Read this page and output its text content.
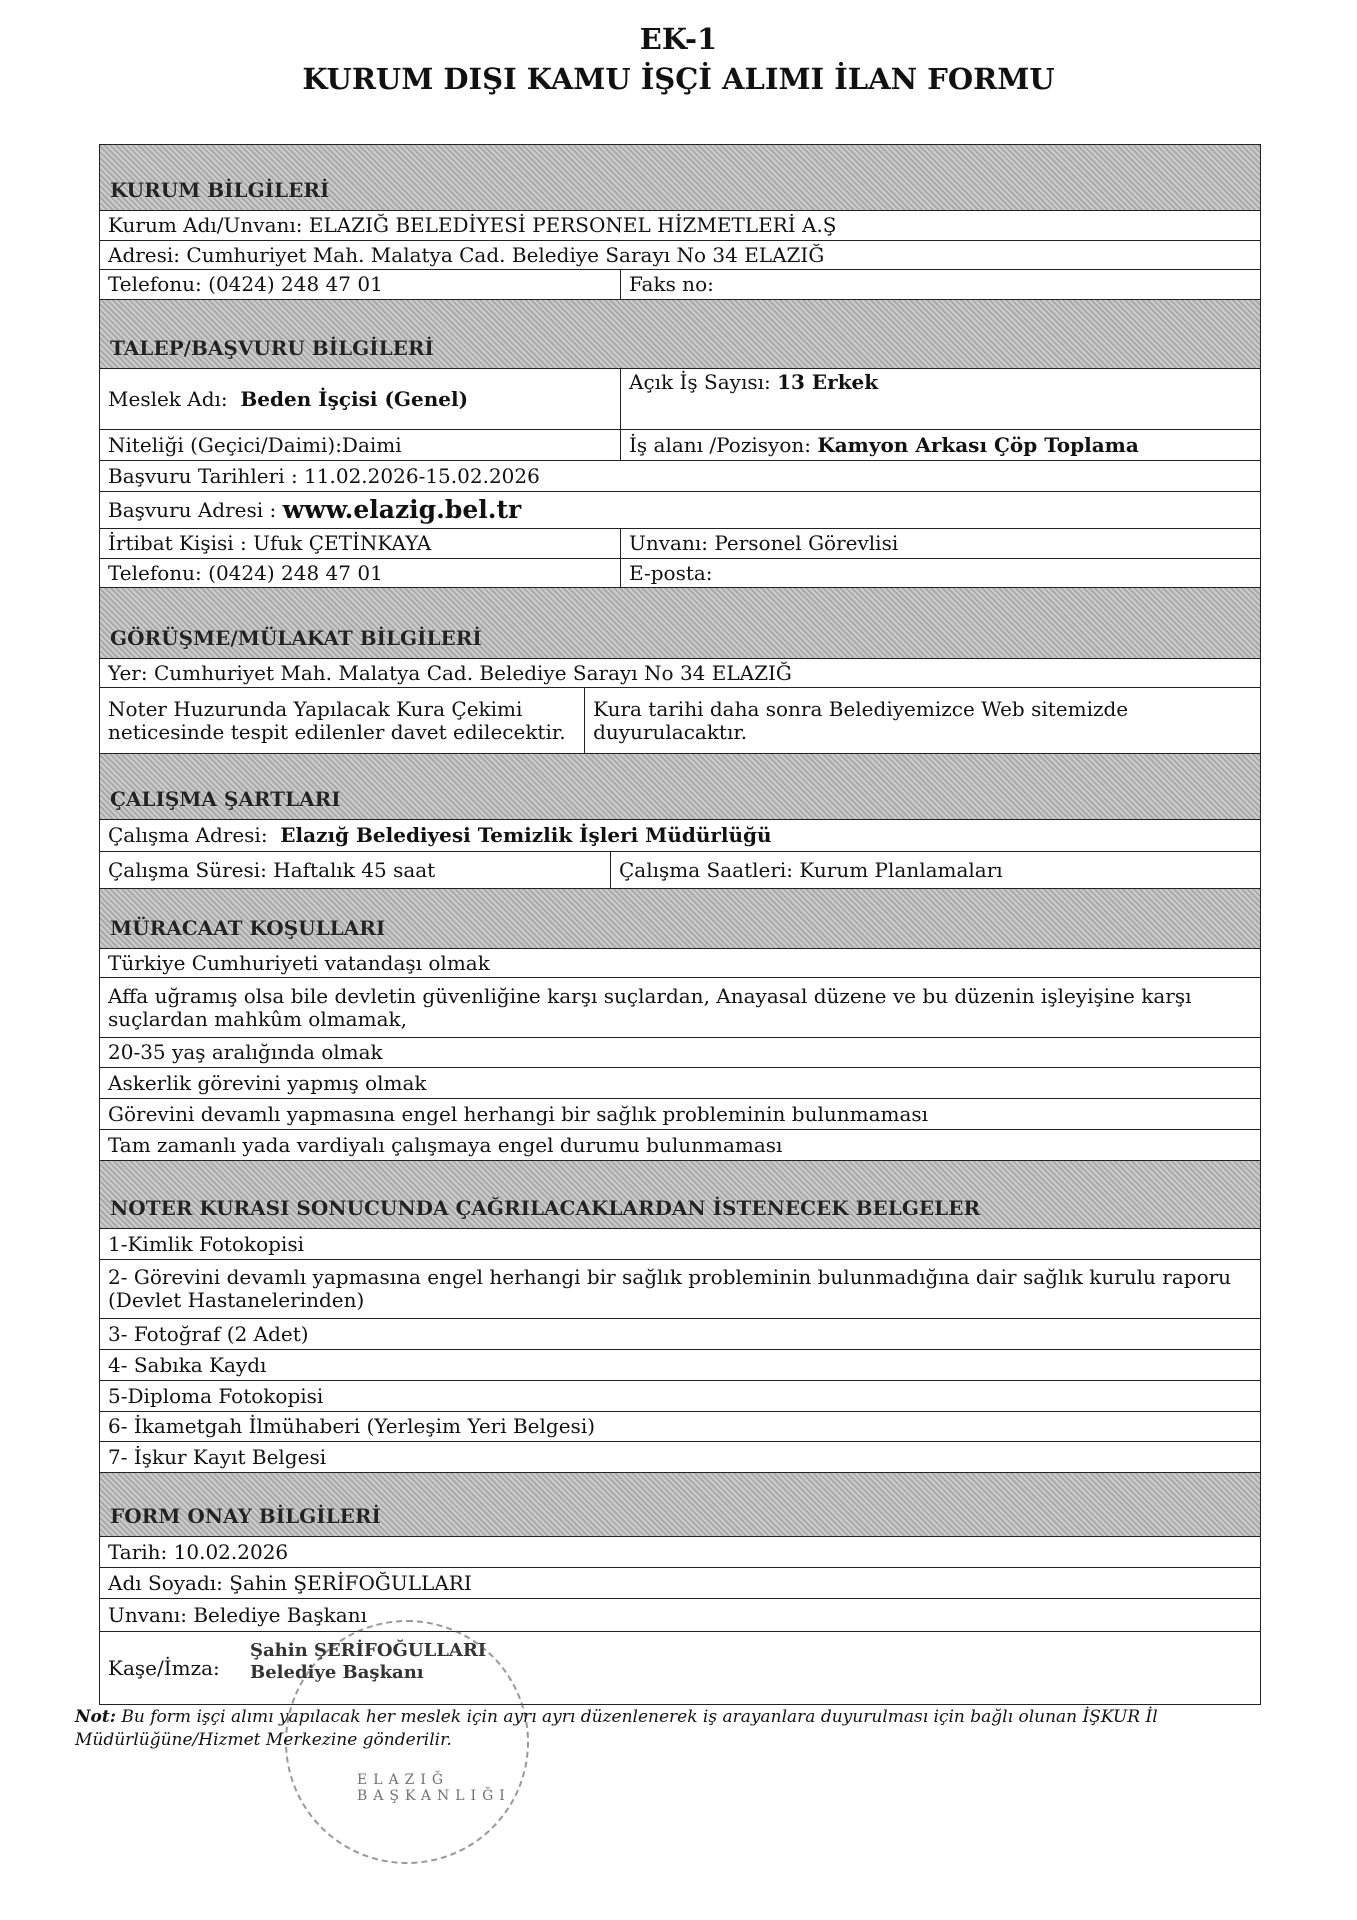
EK-1
KURUM DIŞI KAMU İŞÇİ ALIMI İLAN FORMU
KURUM BİLGİLERİ
Kurum Adı/Unvanı: ELAZIĞ BELEDİYESİ PERSONEL HİZMETLERİ A.Ş
Adresi: Cumhuriyet Mah. Malatya Cad. Belediye Sarayı No 34 ELAZIĞ
Telefonu: (0424) 248 47 01	Faks no:
TALEP/BAŞVURU BİLGİLERİ
Meslek Adı:
Beden İşçisi (Genel)
Açık İş Sayısı:
13 Erkek
Niteliği (Geçici/Daimi):Daimi	İş alanı /Pozisyon:
Kamyon Arkası Çöp Toplama
Başvuru Tarihleri : 11.02.2026-15.02.2026
Başvuru Adresi :
www.elazig.bel.tr
İrtibat Kişisi : Ufuk ÇETİNKAYA	Unvanı: Personel Görevlisi
Telefonu: (0424) 248 47 01	E-posta:
GÖRÜŞME/MÜLAKAT BİLGİLERİ
Yer: Cumhuriyet Mah. Malatya Cad. Belediye Sarayı No 34 ELAZIĞ
Noter Huzurunda Yapılacak Kura Çekimi neticesinde tespit edilenler davet edilecektir.
Kura tarihi daha sonra Belediyemizce Web sitemizde duyurulacaktır.
ÇALIŞMA ŞARTLARI
Çalışma Adresi:
Elazığ Belediyesi Temizlik İşleri Müdürlüğü
Çalışma Süresi: Haftalık 45 saat	Çalışma Saatleri: Kurum Planlamaları
MÜRACAAT KOŞULLARI
Türkiye Cumhuriyeti vatandaşı olmak
Affa uğramış olsa bile devletin güvenliğine karşı suçlardan, Anayasal düzene ve bu düzenin işleyişine karşı suçlardan mahkûm olmamak,
20-35 yaş aralığında olmak
Askerlik görevini yapmış olmak
Görevini devamlı yapmasına engel herhangi bir sağlık probleminin bulunmaması
Tam zamanlı yada vardiyalı çalışmaya engel durumu bulunmaması
NOTER KURASI SONUCUNDA ÇAĞRILACAKLARDAN İSTENECEK BELGELER
1-Kimlik Fotokopisi
2- Görevini devamlı yapmasına engel herhangi bir sağlık probleminin bulunmadığına dair sağlık kurulu raporu (Devlet Hastanelerinden)
3- Fotoğraf (2 Adet)
4- Sabıka Kaydı
5-Diploma Fotokopisi
6- İkametgah İlmühaberi (Yerleşim Yeri Belgesi)
7- İşkur Kayıt Belgesi
FORM ONAY BİLGİLERİ
Tarih: 10.02.2026
Adı Soyadı: Şahin ŞERİFOĞULLARI
Unvanı: Belediye Başkanı
Kaşe/İmza:
Şahin ŞERİFOĞULLARI Belediye Başkanı
ELAZIĞ BAŞKANLIĞI
Not: Bu form işçi alımı yapılacak her meslek için ayrı ayrı düzenlenerek iş arayanlara duyurulması için bağlı olunan İŞKUR İl Müdürlüğüne/Hizmet Merkezine gönderilir.
